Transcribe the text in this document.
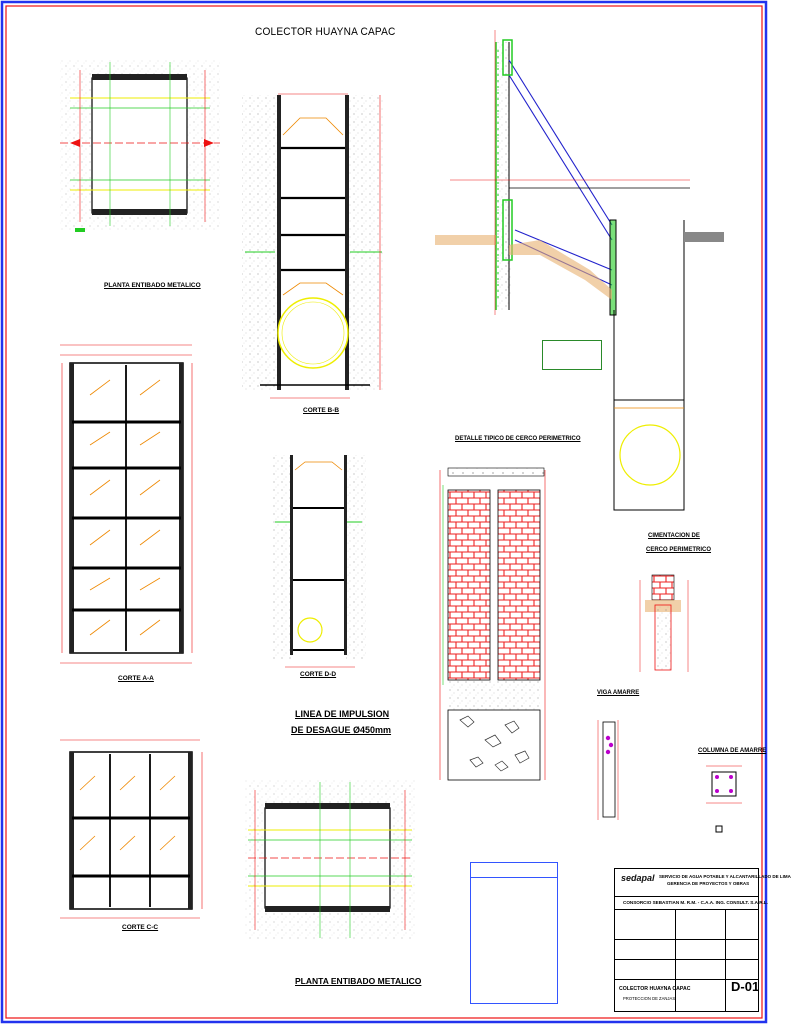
COLECTOR HUAYNA CAPAC
PLANTA ENTIBADO METALICO
CORTE B-B
CORTE A-A
CORTE D-D
CORTE C-C
PLANTA ENTIBADO METALICO
LINEA DE IMPULSION
DE DESAGUE Ø450mm
DETALLE TIPICO DE CERCO PERIMETRICO
CIMENTACION DE
CERCO PERIMETRICO
VIGA AMARRE
COLUMNA DE AMARRE
sedapal SERVICIO DE AGUA POTABLE Y ALCANTARILLADO DE LIMA
GERENCIA DE PROYECTOS Y OBRAS
CONSORCIO SEBASTIAN M. R.M. - C.A.A. ING. CONSULT. S.A.R.L.
COLECTOR HUAYNA CAPAC
PROTECCION DE ZANJAS
D-01
